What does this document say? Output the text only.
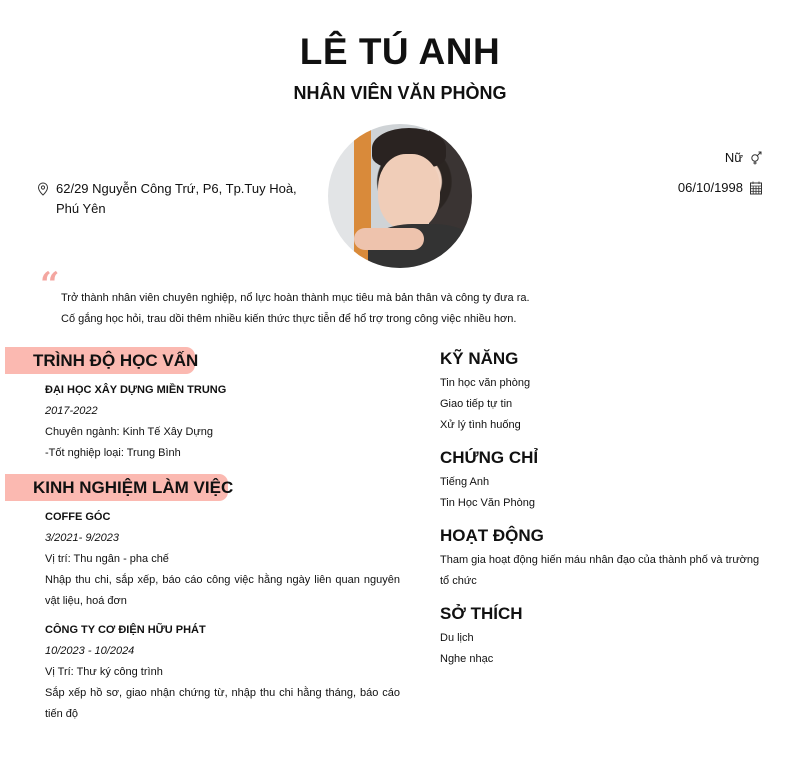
LÊ TÚ ANH
NHÂN VIÊN VĂN PHÒNG
62/29 Nguyễn Công Trứ, P6, Tp.Tuy Hoà, Phú Yên
Nữ
06/10/1998
“ Trở thành nhân viên chuyên nghiệp, nổ lực hoàn thành mục tiêu mà bản thân và công ty đưa ra.
Cố gắng học hỏi, trau dồi thêm nhiều kiến thức thực tiễn để hổ trợ trong công việc nhiều hơn.
TRÌNH ĐỘ HỌC VẤN
ĐẠI HỌC XÂY DỰNG MIỀN TRUNG
2017-2022
Chuyên ngành: Kinh Tế Xây Dựng
-Tốt nghiệp loại: Trung Bình
KINH NGHIỆM LÀM VIỆC
COFFE GÓC
3/2021- 9/2023
Vị trí: Thu ngân - pha chế
Nhập thu chi, sắp xếp, báo cáo công việc hằng ngày liên quan nguyên vật liệu, hoá đơn
CÔNG TY CƠ ĐIỆN HỮU PHÁT
10/2023 - 10/2024
Vị Trí: Thư ký công trình
Sắp xếp hồ sơ, giao nhận chứng từ, nhập thu chi hằng tháng, báo cáo tiến độ
KỸ NĂNG
Tin học văn phòng
Giao tiếp tự tin
Xử lý tình huống
CHỨNG CHỈ
Tiếng Anh
Tin Học Văn Phòng
HOẠT ĐỘNG
Tham gia hoạt động hiến máu nhân đạo của thành phố và trường tổ chức
SỞ THÍCH
Du lịch
Nghe nhạc
